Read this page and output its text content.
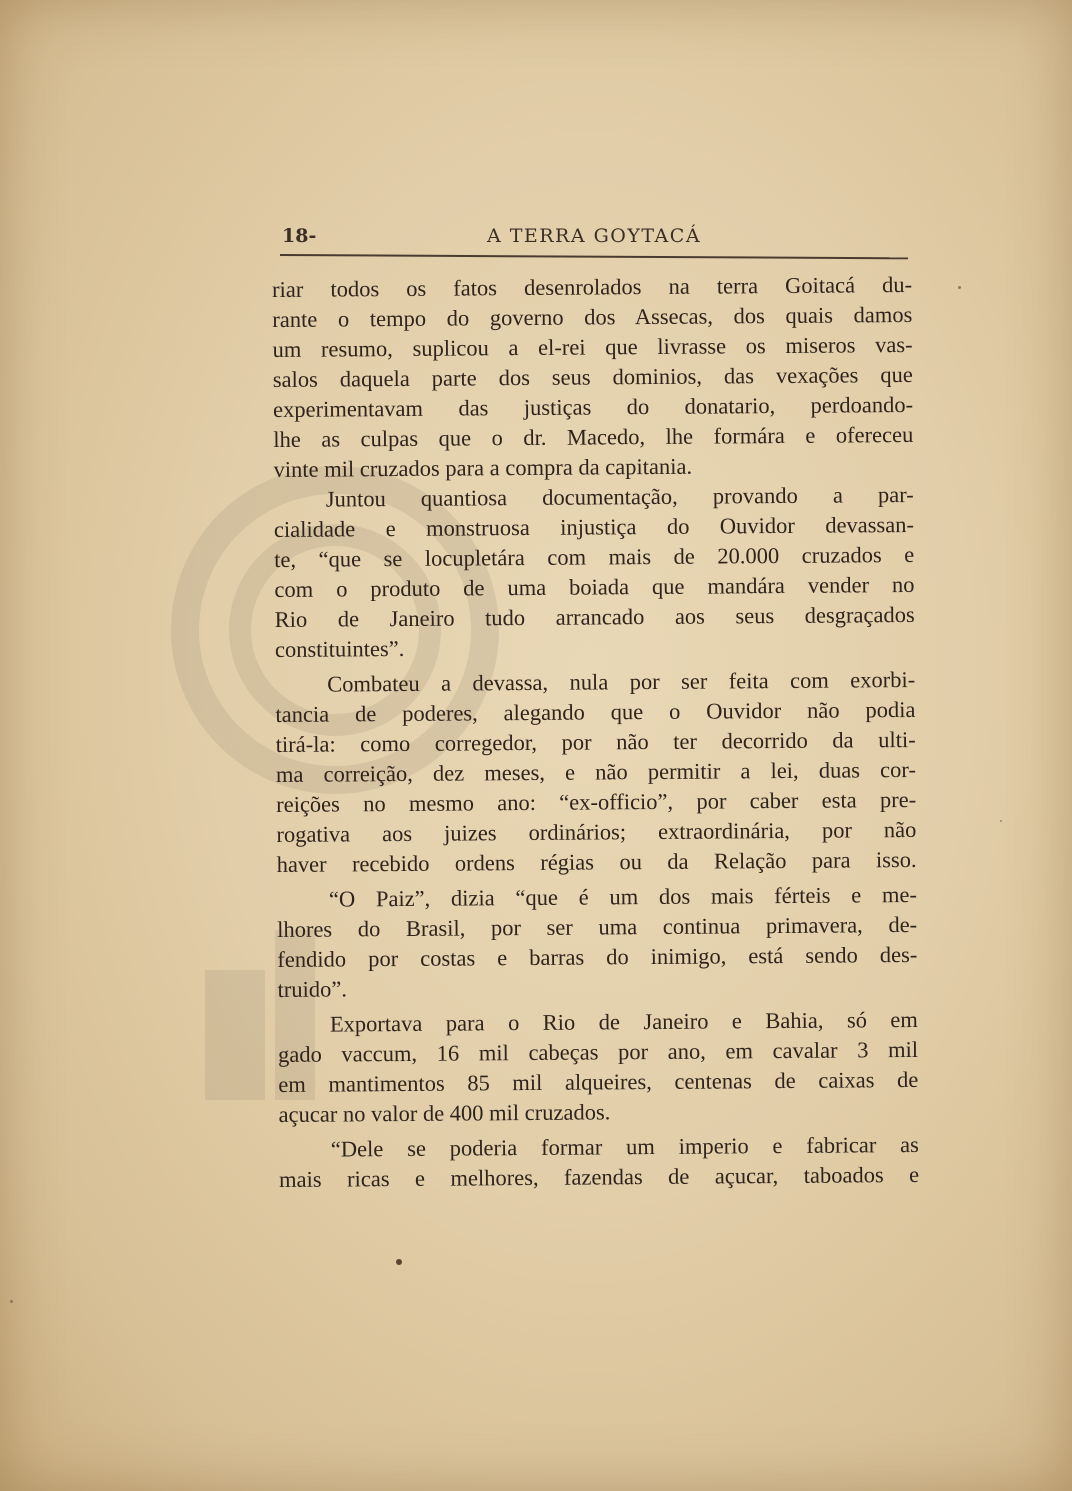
18-	A TERRA GOYTACÁ
riar todos os fatos desenrolados na terra Goitacá du-
rante o tempo do governo dos Assecas, dos quais damos
um resumo, suplicou a el-rei que livrasse os miseros vas-
salos daquela parte dos seus dominios, das vexações que
experimentavam das justiças do donatario, perdoando-
lhe as culpas que o dr. Macedo, lhe formára e ofereceu
vinte mil cruzados para a compra da capitania.
Juntou quantiosa documentação, provando a par-
cialidade e monstruosa injustiça do Ouvidor devassan-
te, “que se locupletára com mais de 20.000 cruzados e
com o produto de uma boiada que mandára vender no
Rio de Janeiro tudo arrancado aos seus desgraçados
constituintes”.
Combateu a devassa, nula por ser feita com exorbi-
tancia de poderes, alegando que o Ouvidor não podia
tirá-la: como corregedor, por não ter decorrido da ulti-
ma correição, dez meses, e não permitir a lei, duas cor-
reições no mesmo ano: “ex-officio”, por caber esta pre-
rogativa aos juizes ordinários; extraordinária, por não
haver recebido ordens régias ou da Relação para isso.
“O Paiz”, dizia “que é um dos mais férteis e me-
lhores do Brasil, por ser uma continua primavera, de-
fendido por costas e barras do inimigo, está sendo des-
truido”.
Exportava para o Rio de Janeiro e Bahia, só em
gado vaccum, 16 mil cabeças por ano, em cavalar 3 mil
em mantimentos 85 mil alqueires, centenas de caixas de
açucar no valor de 400 mil cruzados.
“Dele se poderia formar um imperio e fabricar as
mais ricas e melhores, fazendas de açucar, taboados e
